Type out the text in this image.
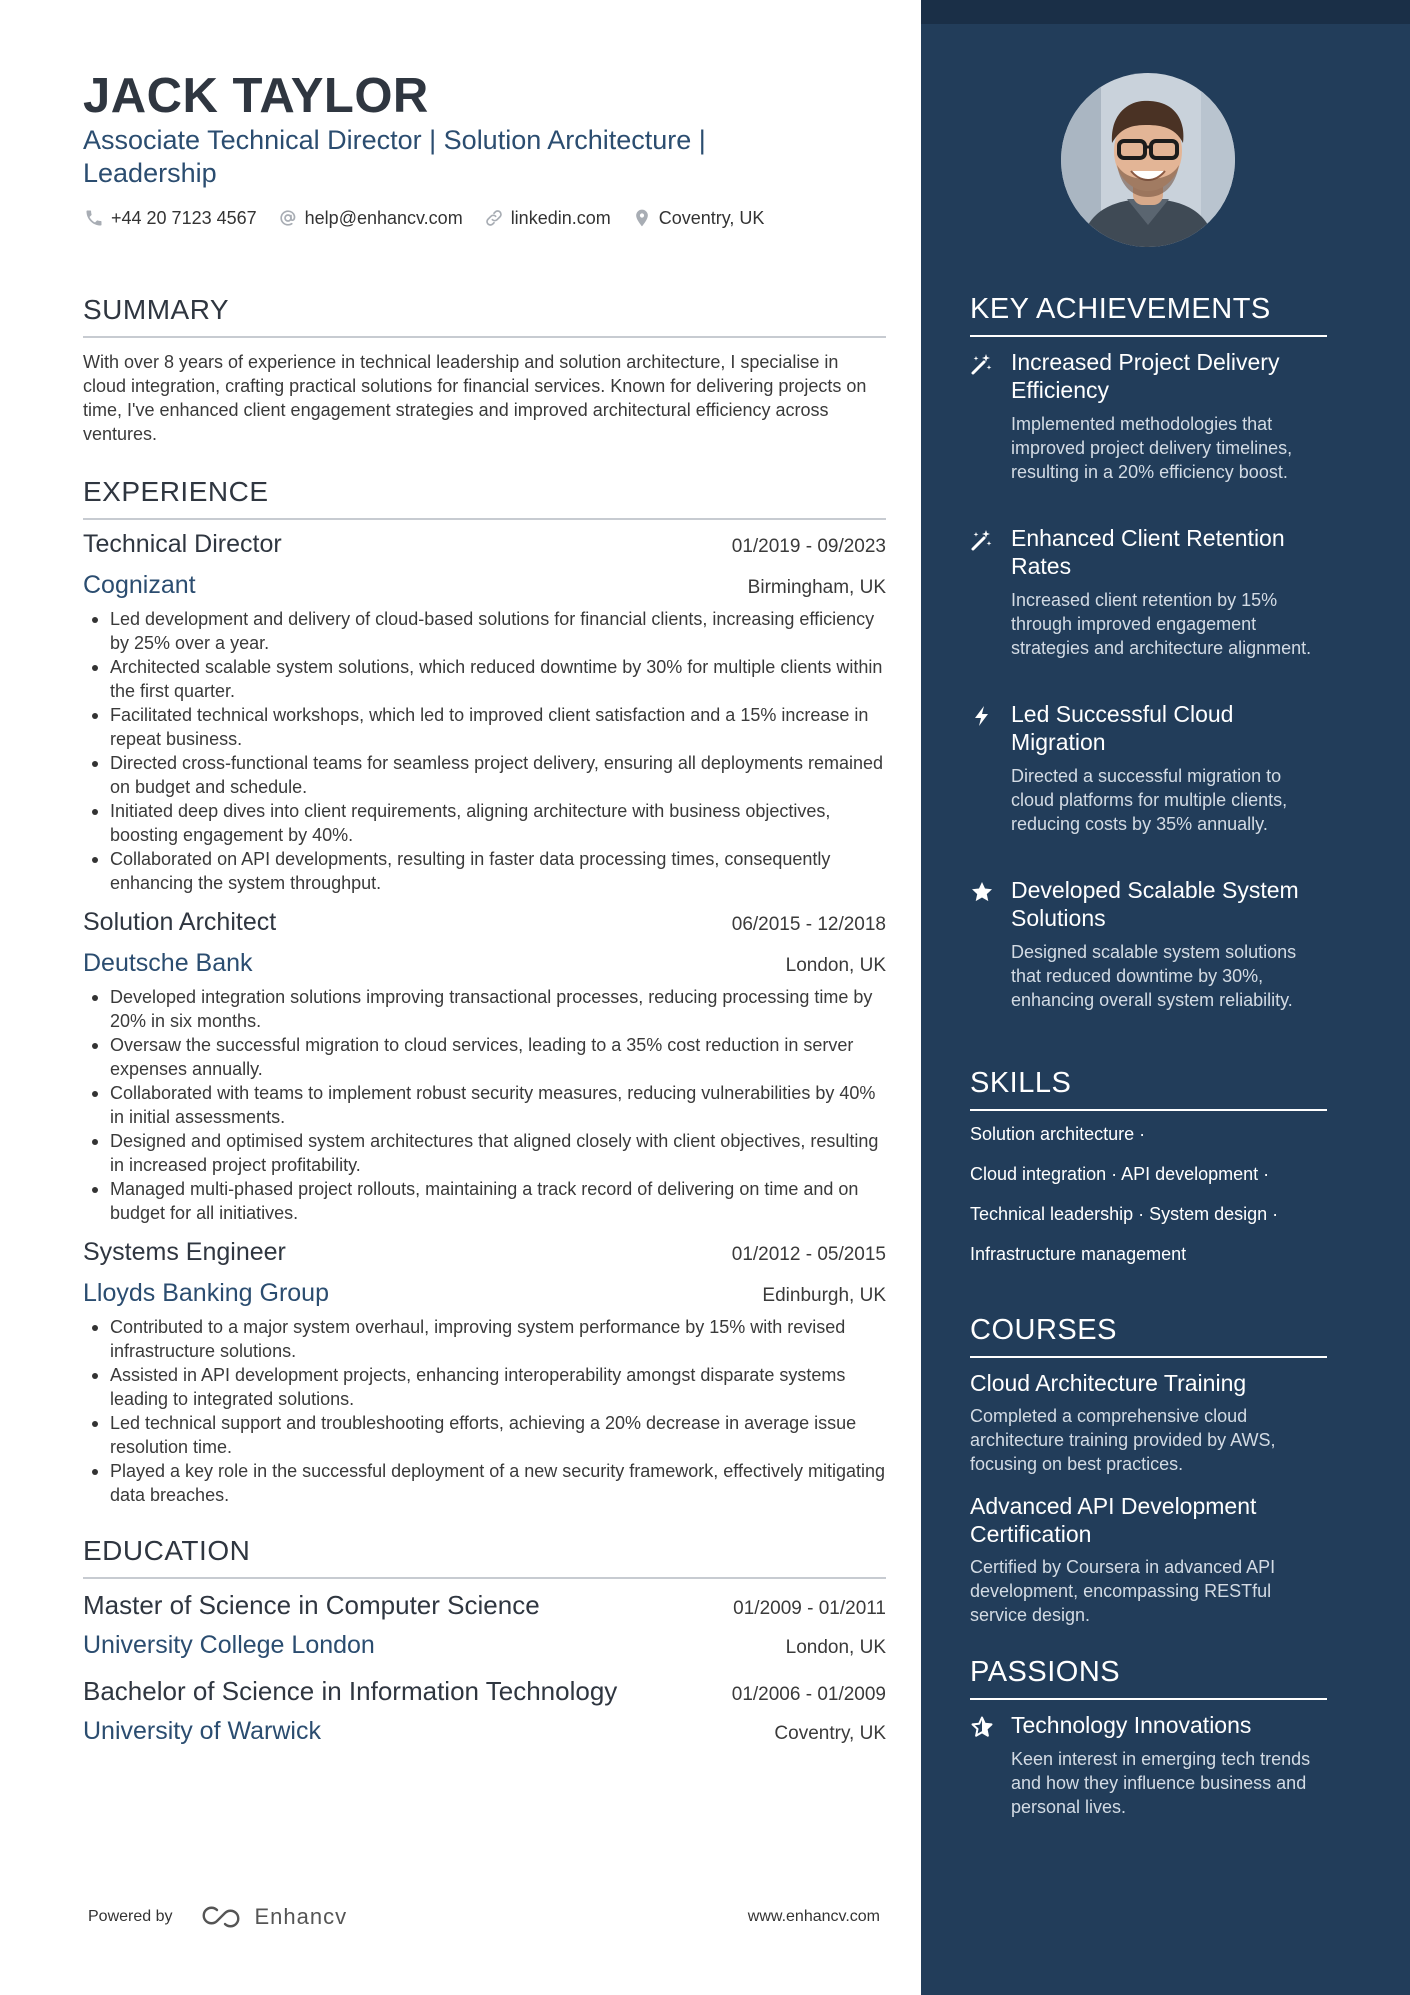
JACK TAYLOR
Associate Technical Director | Solution Architecture |
Leadership
+44 20 7123 4567	help@enhancv.com	linkedin.com	Coventry, UK
SUMMARY
With over 8 years of experience in technical leadership and solution architecture, I specialise in cloud integration, crafting practical solutions for financial services. Known for delivering projects on time, I've enhanced client engagement strategies and improved architectural efficiency across ventures.
EXPERIENCE
Technical Director	01/2019 - 09/2023
Cognizant	Birmingham, UK
Led development and delivery of cloud-based solutions for financial clients, increasing efficiency by 25% over a year.
Architected scalable system solutions, which reduced downtime by 30% for multiple clients within the first quarter.
Facilitated technical workshops, which led to improved client satisfaction and a 15% increase in repeat business.
Directed cross-functional teams for seamless project delivery, ensuring all deployments remained on budget and schedule.
Initiated deep dives into client requirements, aligning architecture with business objectives, boosting engagement by 40%.
Collaborated on API developments, resulting in faster data processing times, consequently enhancing the system throughput.
Solution Architect	06/2015 - 12/2018
Deutsche Bank	London, UK
Developed integration solutions improving transactional processes, reducing processing time by 20% in six months.
Oversaw the successful migration to cloud services, leading to a 35% cost reduction in server expenses annually.
Collaborated with teams to implement robust security measures, reducing vulnerabilities by 40% in initial assessments.
Designed and optimised system architectures that aligned closely with client objectives, resulting in increased project profitability.
Managed multi-phased project rollouts, maintaining a track record of delivering on time and on budget for all initiatives.
Systems Engineer	01/2012 - 05/2015
Lloyds Banking Group	Edinburgh, UK
Contributed to a major system overhaul, improving system performance by 15% with revised infrastructure solutions.
Assisted in API development projects, enhancing interoperability amongst disparate systems leading to integrated solutions.
Led technical support and troubleshooting efforts, achieving a 20% decrease in average issue resolution time.
Played a key role in the successful deployment of a new security framework, effectively mitigating data breaches.
EDUCATION
Master of Science in Computer Science	01/2009 - 01/2011
University College London	London, UK
Bachelor of Science in Information Technology	01/2006 - 01/2009
University of Warwick	Coventry, UK
Powered by	Enhancv	www.enhancv.com
KEY ACHIEVEMENTS
Increased Project Delivery Efficiency
Implemented methodologies that improved project delivery timelines, resulting in a 20% efficiency boost.
Enhanced Client Retention Rates
Increased client retention by 15% through improved engagement strategies and architecture alignment.
Led Successful Cloud Migration
Directed a successful migration to cloud platforms for multiple clients, reducing costs by 35% annually.
Developed Scalable System Solutions
Designed scalable system solutions that reduced downtime by 30%, enhancing overall system reliability.
SKILLS
Solution architecture ·
Cloud integration · API development ·
Technical leadership · System design ·
Infrastructure management
COURSES
Cloud Architecture Training
Completed a comprehensive cloud architecture training provided by AWS, focusing on best practices.
Advanced API Development Certification
Certified by Coursera in advanced API development, encompassing RESTful service design.
PASSIONS
Technology Innovations
Keen interest in emerging tech trends and how they influence business and personal lives.
